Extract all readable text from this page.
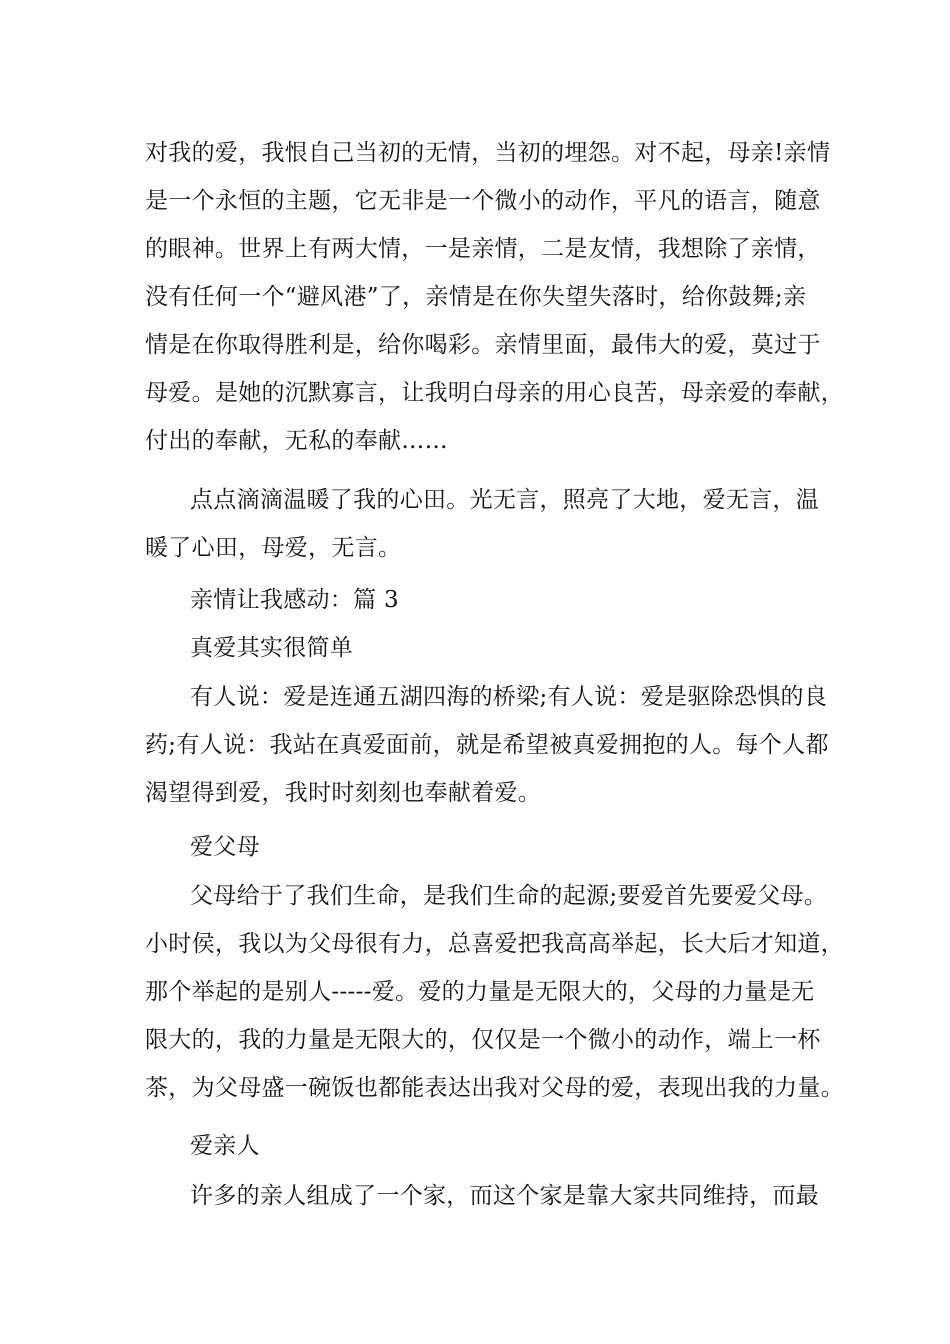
对我的爱，我恨自己当初的无情，当初的埋怨。对不起，母亲!亲情
是一个永恒的主题，它无非是一个微小的动作，平凡的语言，随意
的眼神。世界上有两大情，一是亲情，二是友情，我想除了亲情，
没有任何一个“避风港”了，亲情是在你失望失落时，给你鼓舞;亲
情是在你取得胜利是，给你喝彩。亲情里面，最伟大的爱，莫过于
母爱。是她的沉默寡言，让我明白母亲的用心良苦，母亲爱的奉献，
付出的奉献，无私的奉献……
点点滴滴温暖了我的心田。光无言，照亮了大地，爱无言，温
暖了心田，母爱，无言。
亲情让我感动：篇 3
真爱其实很简单
有人说：爱是连通五湖四海的桥梁;有人说：爱是驱除恐惧的良
药;有人说：我站在真爱面前，就是希望被真爱拥抱的人。每个人都
渴望得到爱，我时时刻刻也奉献着爱。
爱父母
父母给于了我们生命，是我们生命的起源;要爱首先要爱父母。
小时侯，我以为父母很有力，总喜爱把我高高举起，长大后才知道，
那个举起的是别人-----爱。爱的力量是无限大的，父母的力量是无
限大的，我的力量是无限大的，仅仅是一个微小的动作，端上一杯
茶，为父母盛一碗饭也都能表达出我对父母的爱，表现出我的力量。
爱亲人
许多的亲人组成了一个家，而这个家是靠大家共同维持，而最
